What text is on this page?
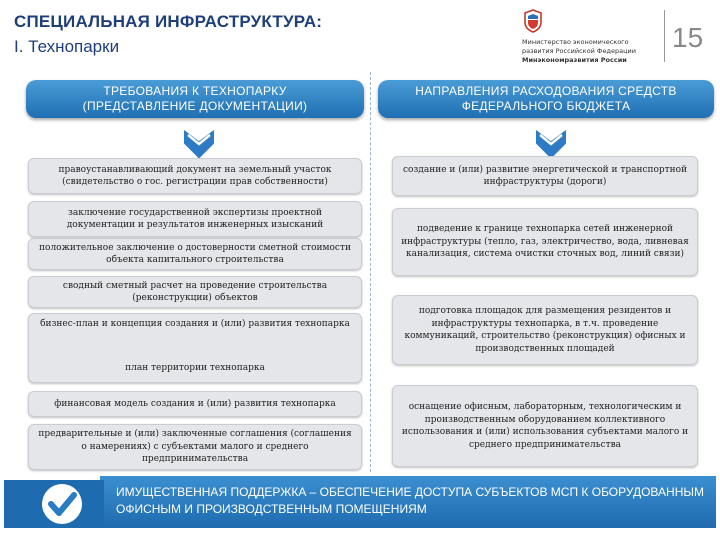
СПЕЦИАЛЬНАЯ ИНФРАСТРУКТУРА:
I. Технопарки	Министерство экономического
развития Российской Федерации
Минэкономразвития России
15
ТРЕБОВАНИЯ К ТЕХНОПАРКУ
(ПРЕДСТАВЛЕНИЕ ДОКУМЕНТАЦИИ)
НАПРАВЛЕНИЯ РАСХОДОВАНИЯ СРЕДСТВ
ФЕДЕРАЛЬНОГО БЮДЖЕТА
правоустанавливающий документ на земельный участок (свидетельство о гос. регистрации прав собственности)
заключение государственной экспертизы проектной документации и результатов инженерных изысканий
положительное заключение о достоверности сметной стоимости объекта капитального строительства
сводный сметный расчет на проведение строительства (реконструкции) объектов
бизнес-план и концепция создания и (или) развития технопарка
план территории технопарка
финансовая модель создания и (или) развития технопарка
предварительные и (или) заключенные соглашения (соглашения о намерениях) с субъектами малого и среднего предпринимательства
создание и (или) развитие энергетической и транспортной инфраструктуры (дороги)
подведение к границе технопарка сетей инженерной инфраструктуры (тепло, газ, электричество, вода, ливневая канализация, система очистки сточных вод, линий связи)
подготовка площадок для размещения резидентов и инфраструктуры технопарка, в т.ч. проведение коммуникаций, строительство (реконструкция) офисных и производственных площадей
оснащение офисным, лабораторным, технологическим и производственным оборудованием коллективного использования и (или) использования субъектами малого и среднего предпринимательства
ИМУЩЕСТВЕННАЯ ПОДДЕРЖКА – ОБЕСПЕЧЕНИЕ ДОСТУПА СУБЪЕКТОВ МСП К ОБОРУДОВАННЫМ ОФИСНЫМ И ПРОИЗВОДСТВЕННЫМ ПОМЕЩЕНИЯМ
